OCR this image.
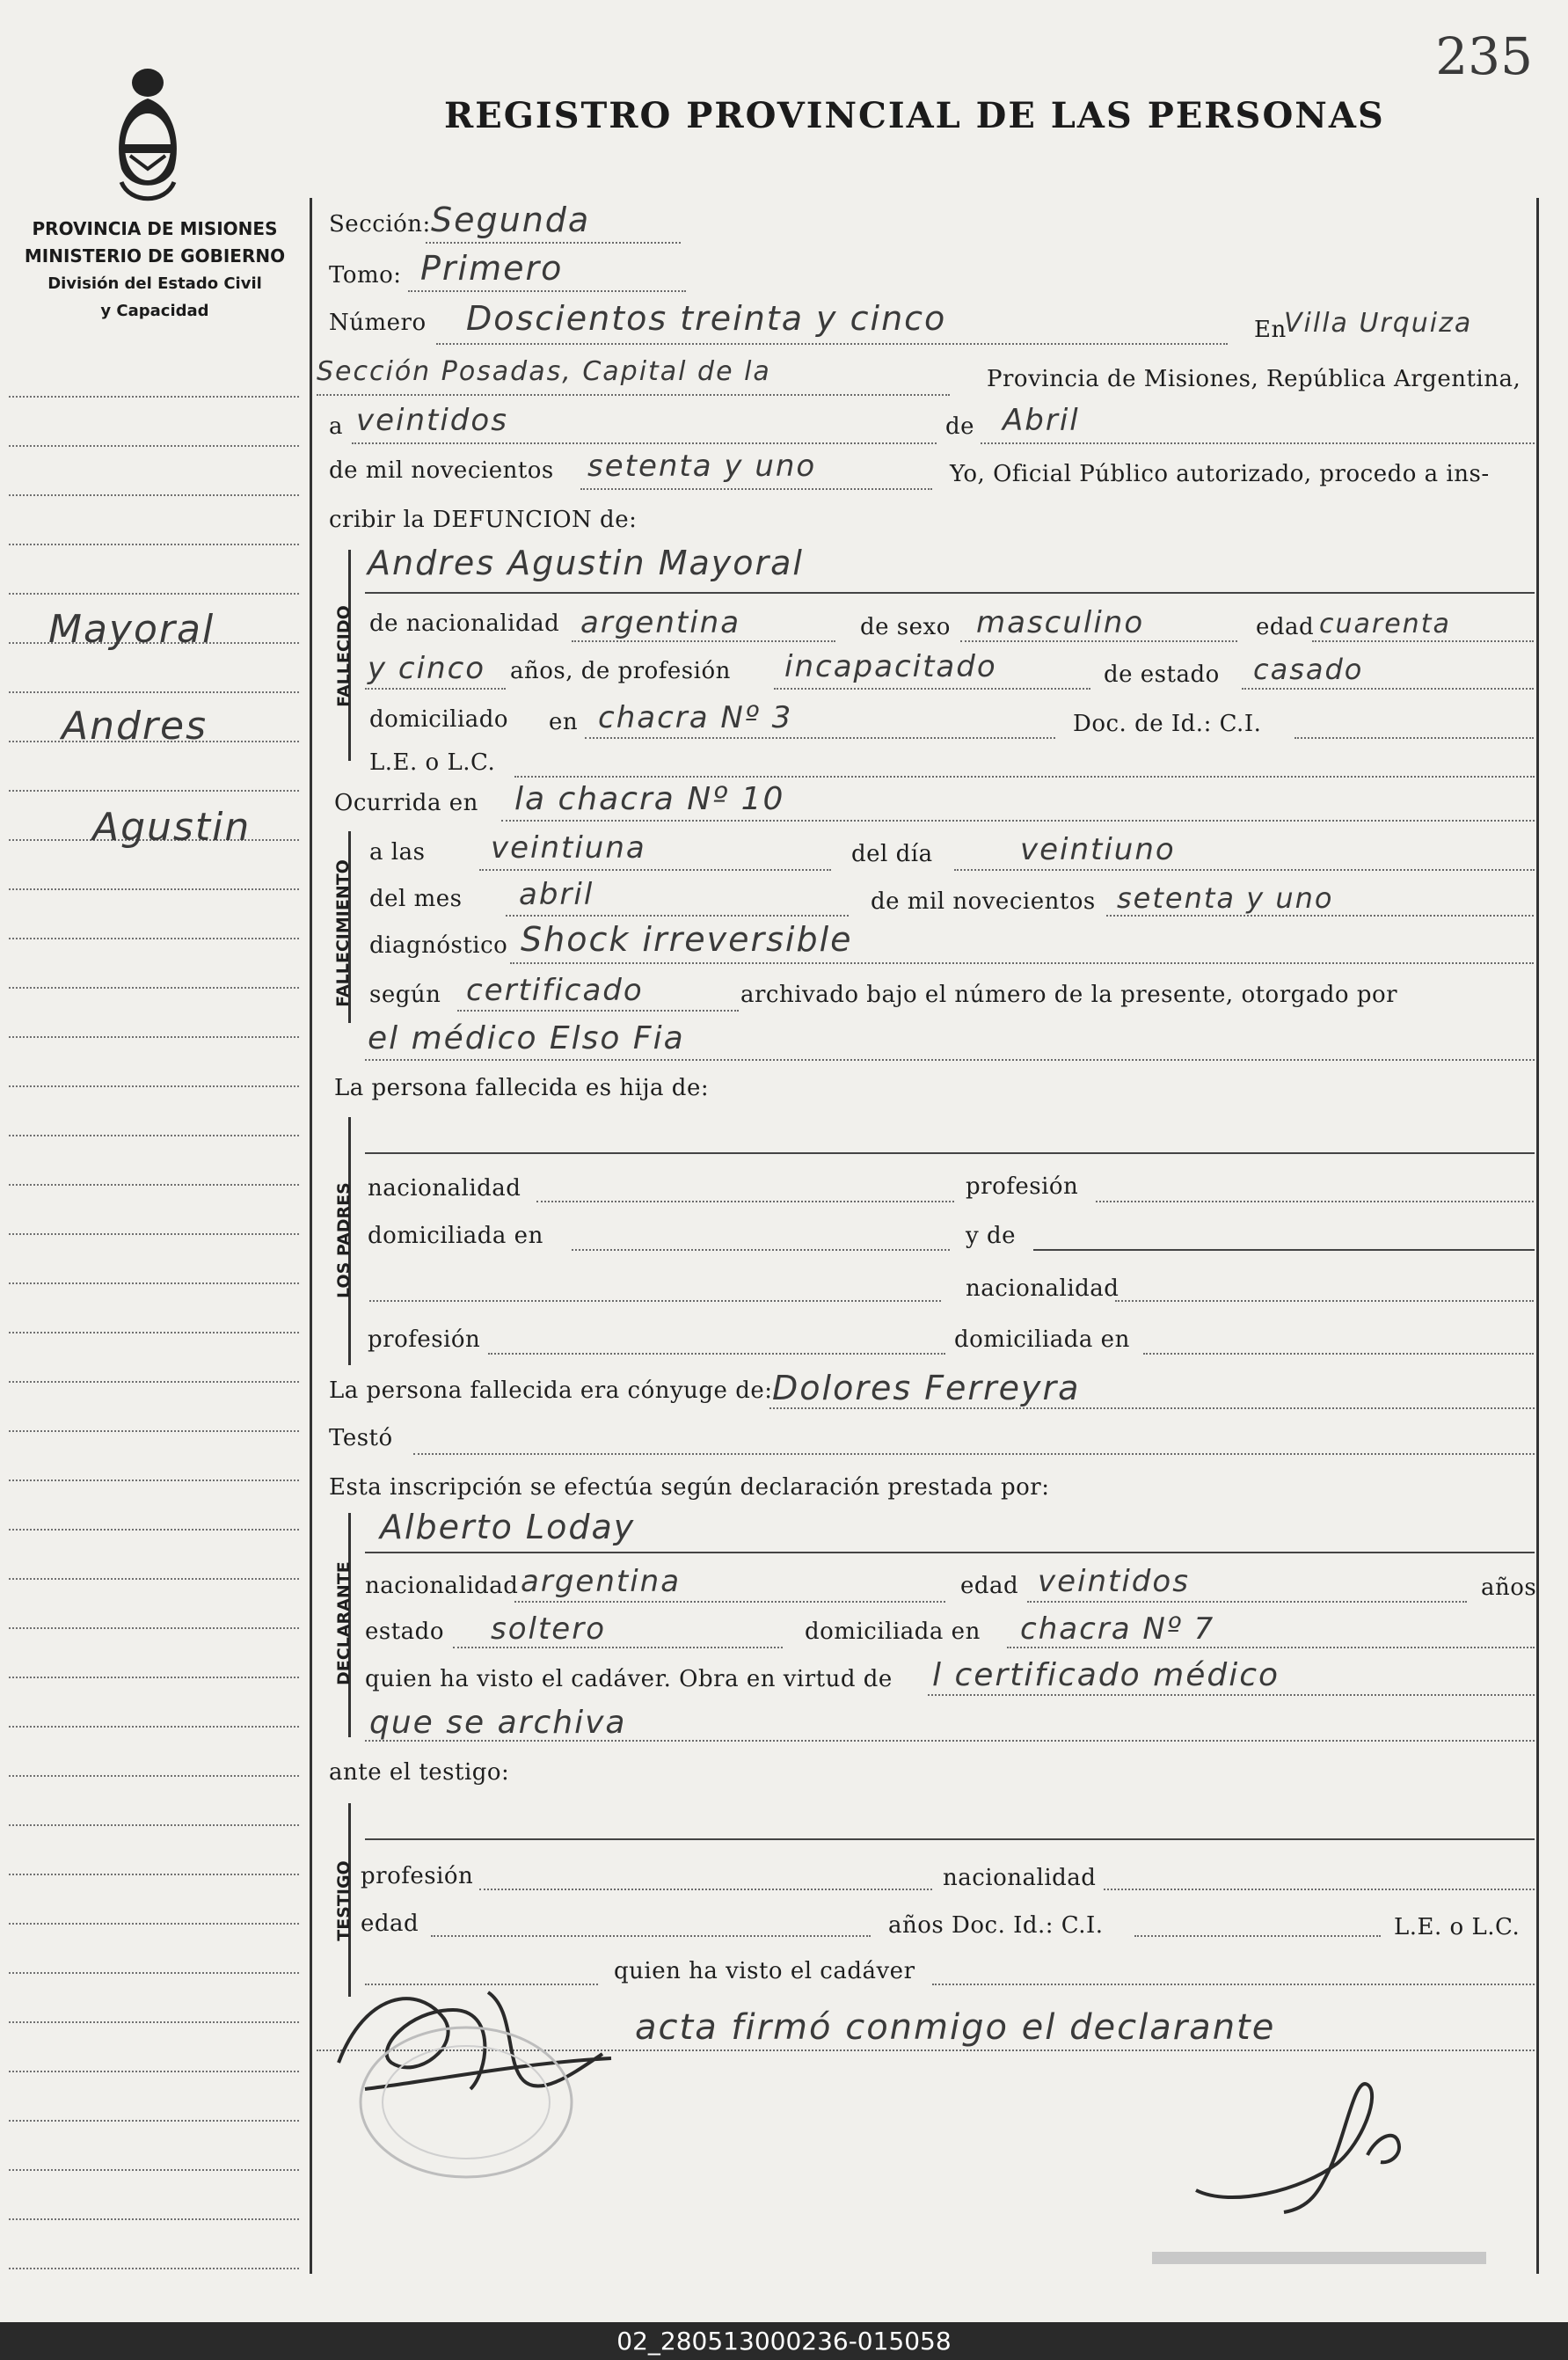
235
REGISTRO PROVINCIAL DE LAS PERSONAS
PROVINCIA DE MISIONES
MINISTERIO DE GOBIERNO
División del Estado Civil
y Capacidad
Mayoral
Andres
Agustin
Sección: Segunda
Tomo: Primero
Número Doscientos treinta y cinco	En
Villa Urquiza
Sección Posadas, Capital de la	Provincia de Misiones, República Argentina,
a veintidos	de Abril
de mil novecientos setenta y uno	Yo, Oficial Público autorizado, procedo a ins-
cribir la DEFUNCION de:
FALLECIDO
Andres Agustin Mayoral
de nacionalidad argentina	de sexo masculino	edad cuarenta
y cinco años, de profesión incapacitado	de estado casado
domiciliado en chacra Nº 3	Doc. de Id.: C.I.
L.E. o L.C.
Ocurrida en la chacra Nº 10
FALLECIMIENTO
a las veintiuna	del día	veintiuno
del mes abril	de mil novecientos setenta y uno
diagnóstico Shock irreversible
según certificado	archivado bajo el número de la presente, otorgado por
el médico Elso Fia
La persona fallecida es hija de:
LOS PADRES nacionalidad	profesión
domiciliada en	y de
nacionalidad
profesión	domiciliada en
La persona fallecida era cónyuge de: Dolores Ferreyra
Testó
Esta inscripción se efectúa según declaración prestada por:
DECLARANTE
Alberto Loday
nacionalidad argentina	edad veintidos	años
estado soltero	domiciliada en chacra Nº 7
quien ha visto el cadáver. Obra en virtud de l certificado médico
que se archiva
ante el testigo:
TESTIGO profesión	nacionalidad
edad	años Doc. Id.: C.I.	L.E. o L.C.
quien ha visto el cadáver
acta firmó conmigo el declarante
02_280513000236-015058
